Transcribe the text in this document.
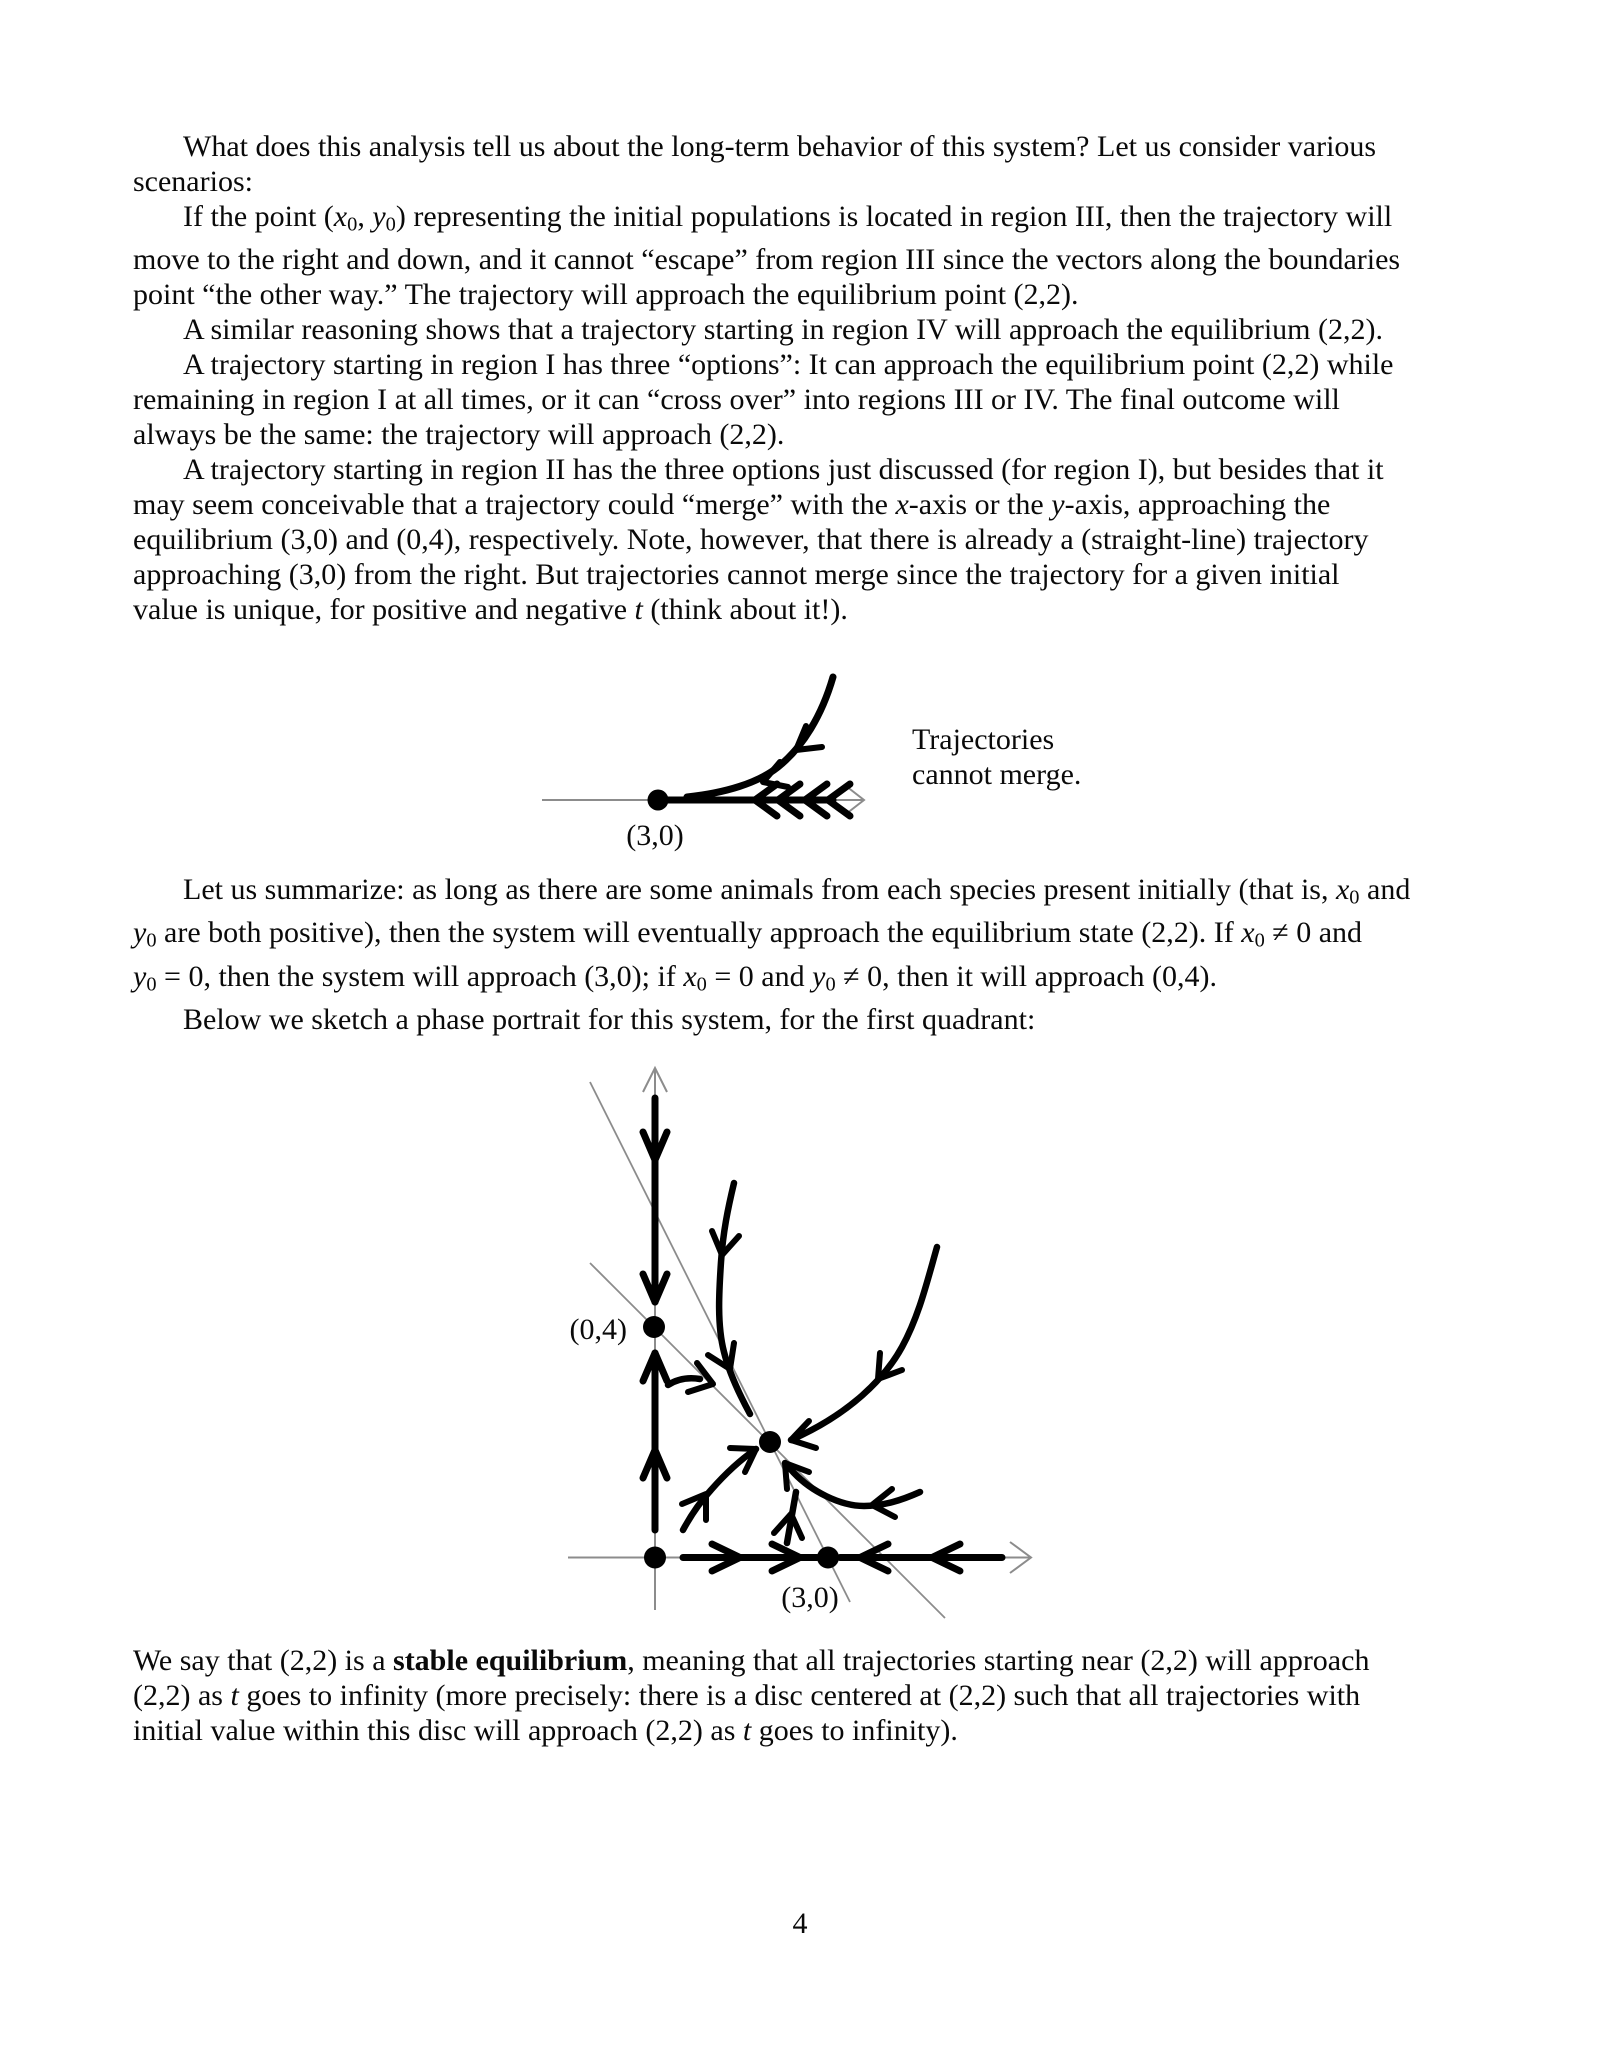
What does this analysis tell us about the long-term behavior of this system? Let us consider various
scenarios:
If the point ($x_0$, $y_0$) representing the initial populations is located in region III, then the trajectory will
move to the right and down, and it cannot “escape” from region III since the vectors along the boundaries
point “the other way.” The trajectory will approach the equilibrium point (2,2).
A similar reasoning shows that a trajectory starting in region IV will approach the equilibrium (2,2).
A trajectory starting in region I has three “options”: It can approach the equilibrium point (2,2) while
remaining in region I at all times, or it can “cross over” into regions III or IV. The final outcome will
always be the same: the trajectory will approach (2,2).
A trajectory starting in region II has the three options just discussed (for region I), but besides that it
may seem conceivable that a trajectory could “merge” with the x-axis or the y-axis, approaching the
equilibrium (3,0) and (0,4), respectively. Note, however, that there is already a (straight-line) trajectory
approaching (3,0) from the right. But trajectories cannot merge since the trajectory for a given initial
value is unique, for positive and negative t (think about it!).
(3,0)
Trajectories
cannot merge.
Let us summarize: as long as there are some animals from each species present initially (that is, $x_0$ and
$y_0$ are both positive), then the system will eventually approach the equilibrium state (2,2). If $x_0 \ne 0$ and
$y_0 = 0$, then the system will approach (3,0); if $x_0 = 0$ and $y_0 \ne 0$, then it will approach (0,4).
Below we sketch a phase portrait for this system, for the first quadrant:
(0,4)
(3,0)
We say that (2,2) is a stable equilibrium, meaning that all trajectories starting near (2,2) will approach
(2,2) as t goes to infinity (more precisely: there is a disc centered at (2,2) such that all trajectories with
initial value within this disc will approach (2,2) as t goes to infinity).
4
